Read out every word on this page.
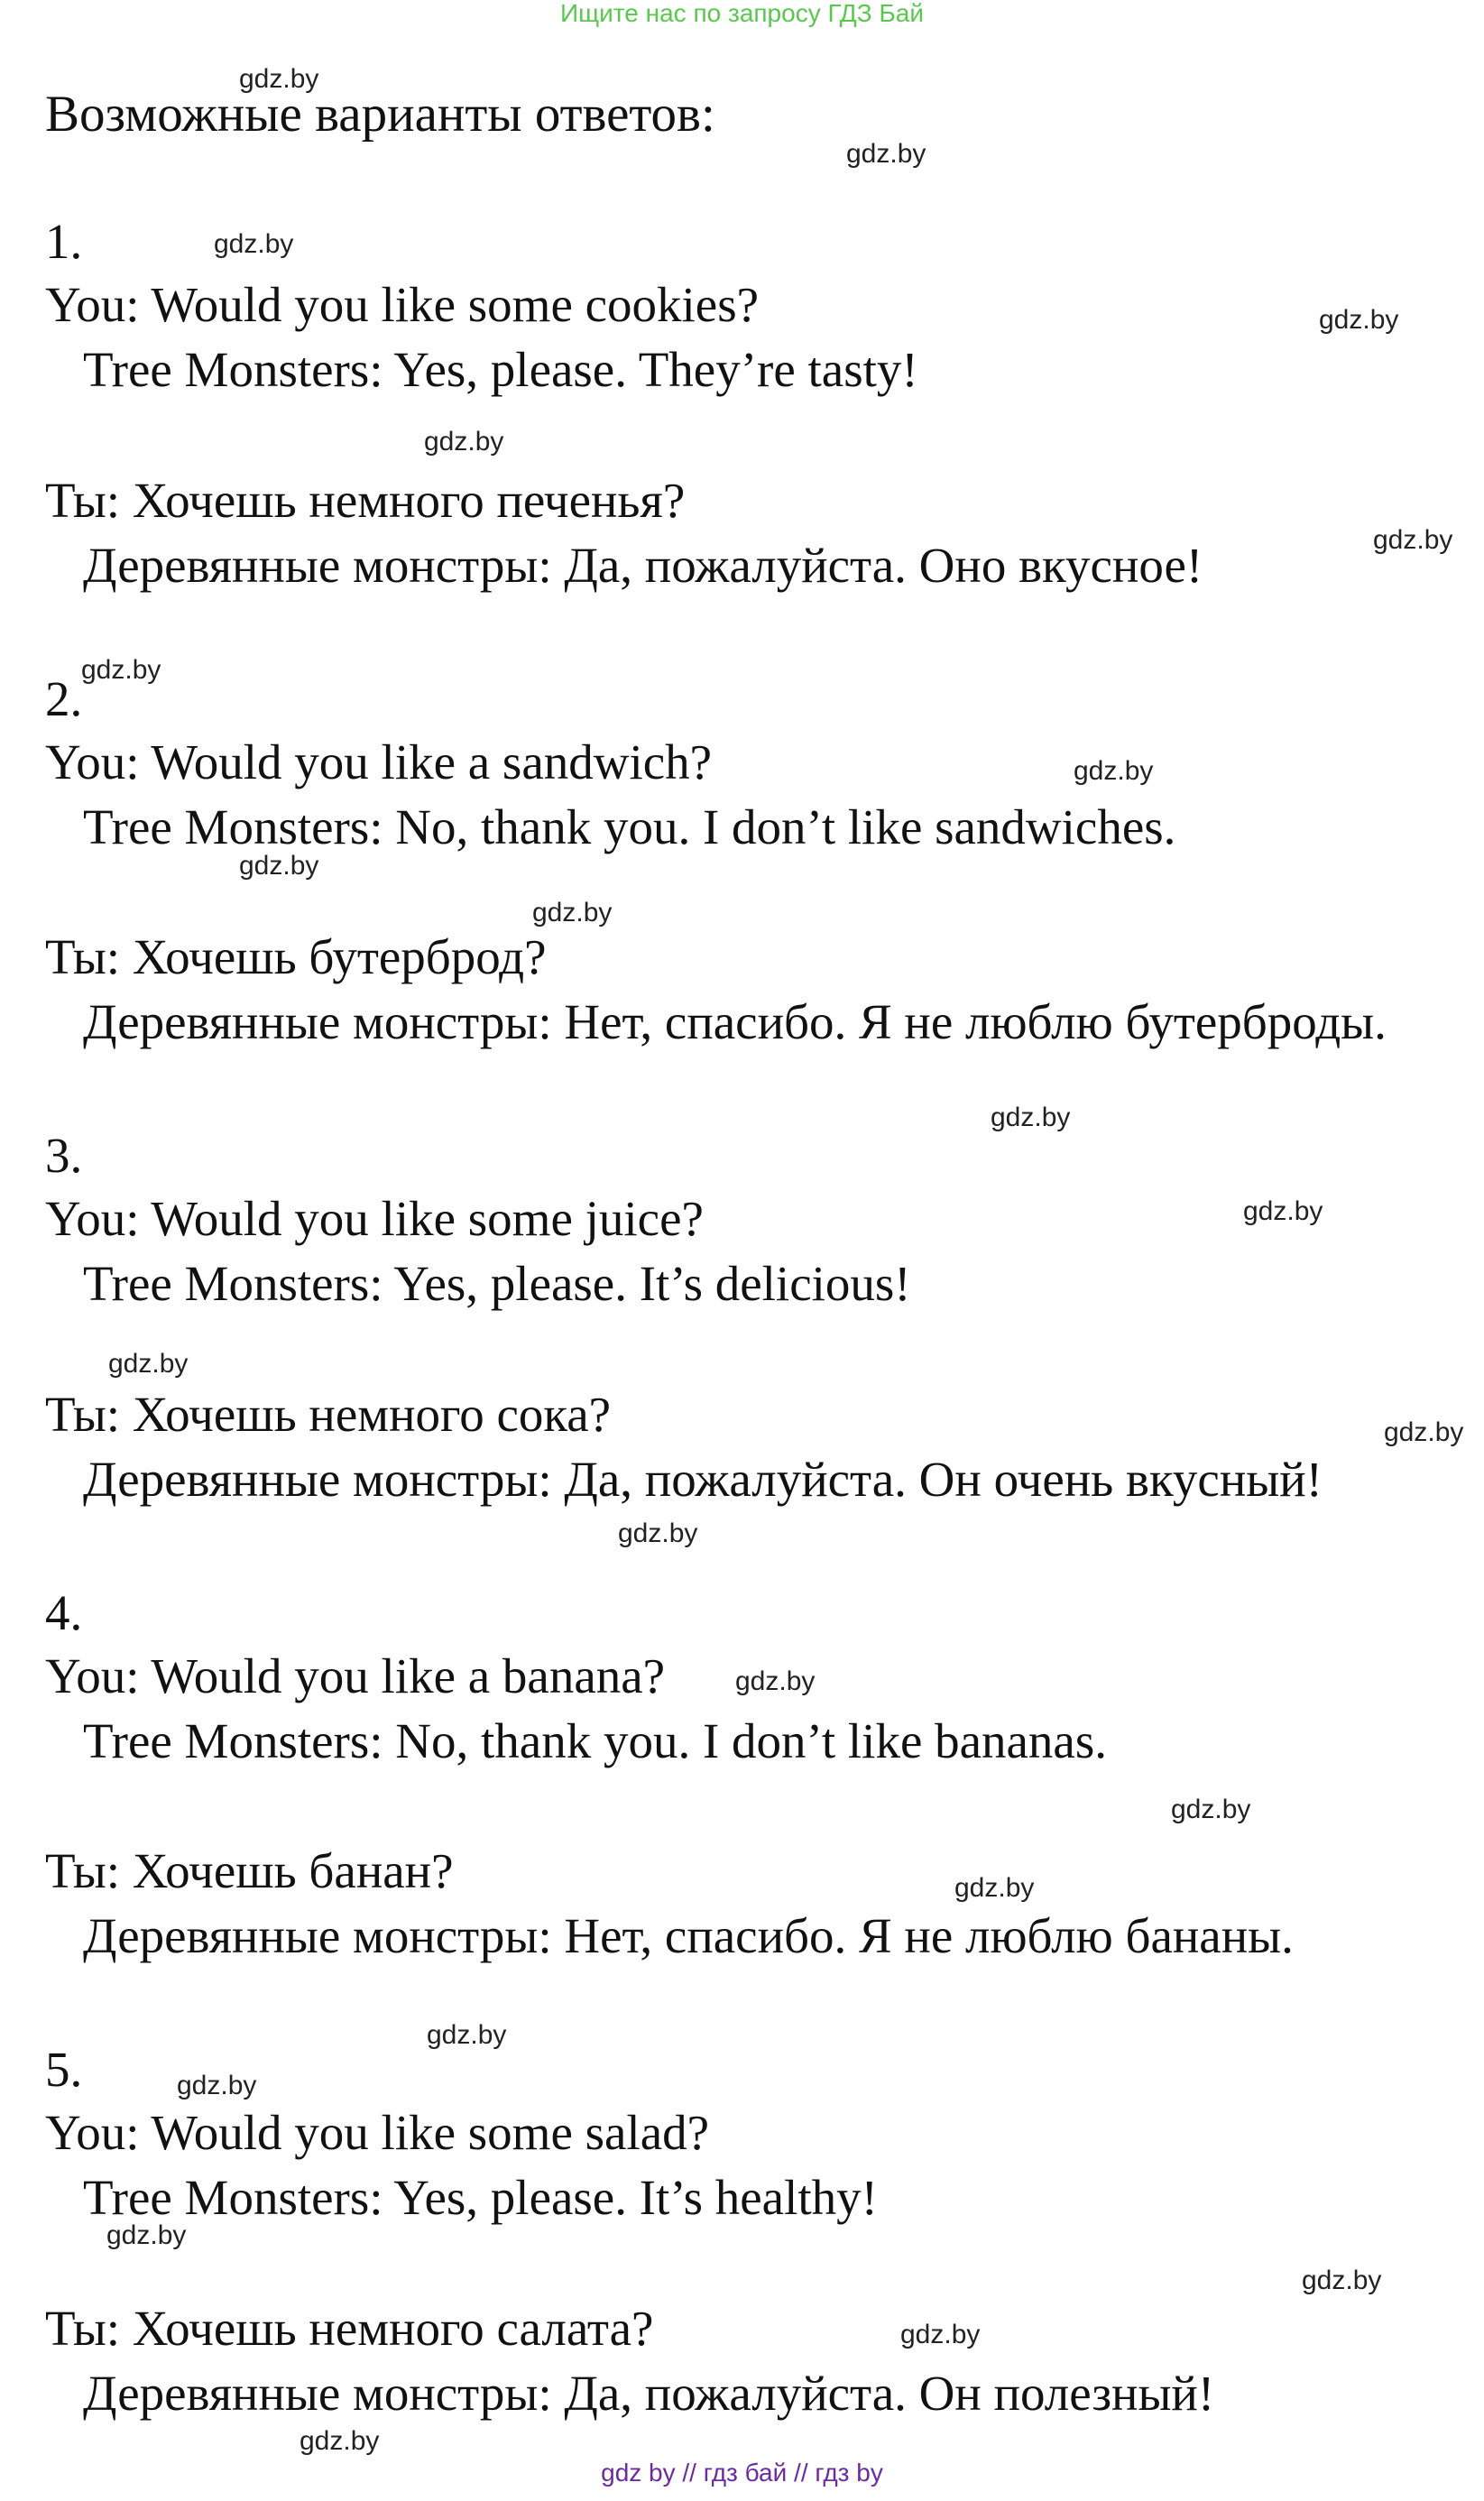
Ищите нас по запросу ГДЗ Бай
Возможные варианты ответов:
1.
You: Would you like some cookies?
Tree Monsters: Yes, please. They’re tasty!
Ты: Хочешь немного печенья?
Деревянные монстры: Да, пожалуйста. Оно вкусное!
2.
You: Would you like a sandwich?
Tree Monsters: No, thank you. I don’t like sandwiches.
Ты: Хочешь бутерброд?
Деревянные монстры: Нет, спасибо. Я не люблю бутерброды.
3.
You: Would you like some juice?
Tree Monsters: Yes, please. It’s delicious!
Ты: Хочешь немного сока?
Деревянные монстры: Да, пожалуйста. Он очень вкусный!
4.
You: Would you like a banana?
Tree Monsters: No, thank you. I don’t like bananas.
Ты: Хочешь банан?
Деревянные монстры: Нет, спасибо. Я не люблю бананы.
5.
You: Would you like some salad?
Tree Monsters: Yes, please. It’s healthy!
Ты: Хочешь немного салата?
Деревянные монстры: Да, пожалуйста. Он полезный!
gdz.by
gdz.by
gdz.by
gdz.by
gdz.by
gdz.by
gdz.by
gdz.by
gdz.by
gdz.by
gdz.by
gdz.by
gdz.by
gdz.by
gdz.by
gdz.by
gdz.by
gdz.by
gdz.by
gdz.by
gdz.by
gdz.by
gdz.by
gdz.by
gdz by // гдз бай // гдз by
